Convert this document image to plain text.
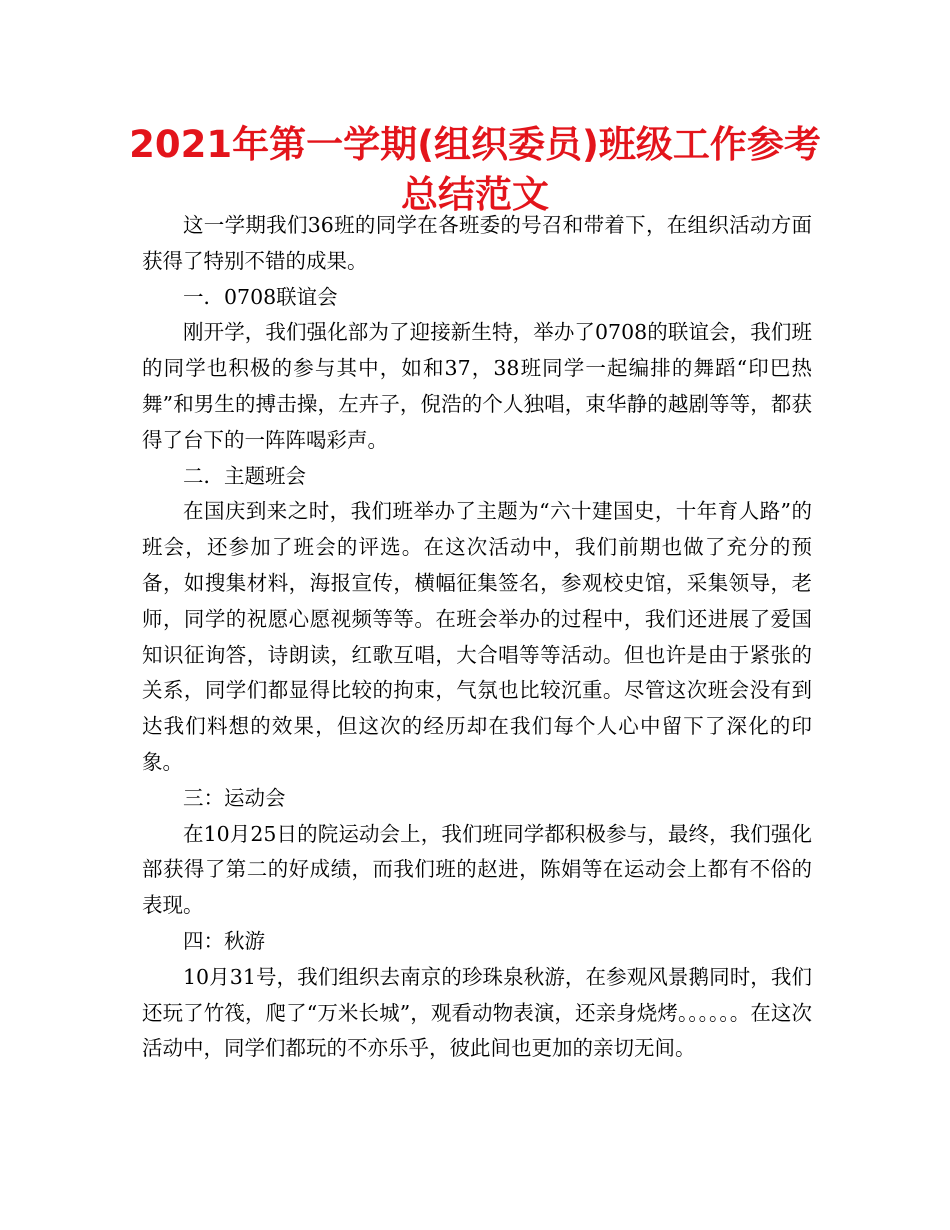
2021年第一学期(组织委员)班级工作参考总结范文

这一学期我们36班的同学在各班委的号召和带着下，在组织活动方面获得了特别不错的成果。

一．0708联谊会

刚开学，我们强化部为了迎接新生特，举办了0708的联谊会，我们班的同学也积极的参与其中，如和37，38班同学一起编排的舞蹈“印巴热舞”和男生的搏击操，左卉子，倪浩的个人独唱，束华静的越剧等等，都获得了台下的一阵阵喝彩声。

二．主题班会

在国庆到来之时，我们班举办了主题为“六十建国史，十年育人路”的班会，还参加了班会的评选。在这次活动中，我们前期也做了充分的预备，如搜集材料，海报宣传，横幅征集签名，参观校史馆，采集领导，老师，同学的祝愿心愿视频等等。在班会举办的过程中，我们还进展了爱国知识征询答，诗朗读，红歌互唱，大合唱等等活动。但也许是由于紧张的关系，同学们都显得比较的拘束，气氛也比较沉重。尽管这次班会没有到达我们料想的效果，但这次的经历却在我们每个人心中留下了深化的印象。

三：运动会

在10月25日的院运动会上，我们班同学都积极参与，最终，我们强化部获得了第二的好成绩，而我们班的赵进，陈娟等在运动会上都有不俗的表现。

四：秋游

10月31号，我们组织去南京的珍珠泉秋游，在参观风景鹅同时，我们还玩了竹筏，爬了“万米长城”，观看动物表演，还亲身烧烤。。。。。。在这次活动中，同学们都玩的不亦乐乎，彼此间也更加的亲切无间。
